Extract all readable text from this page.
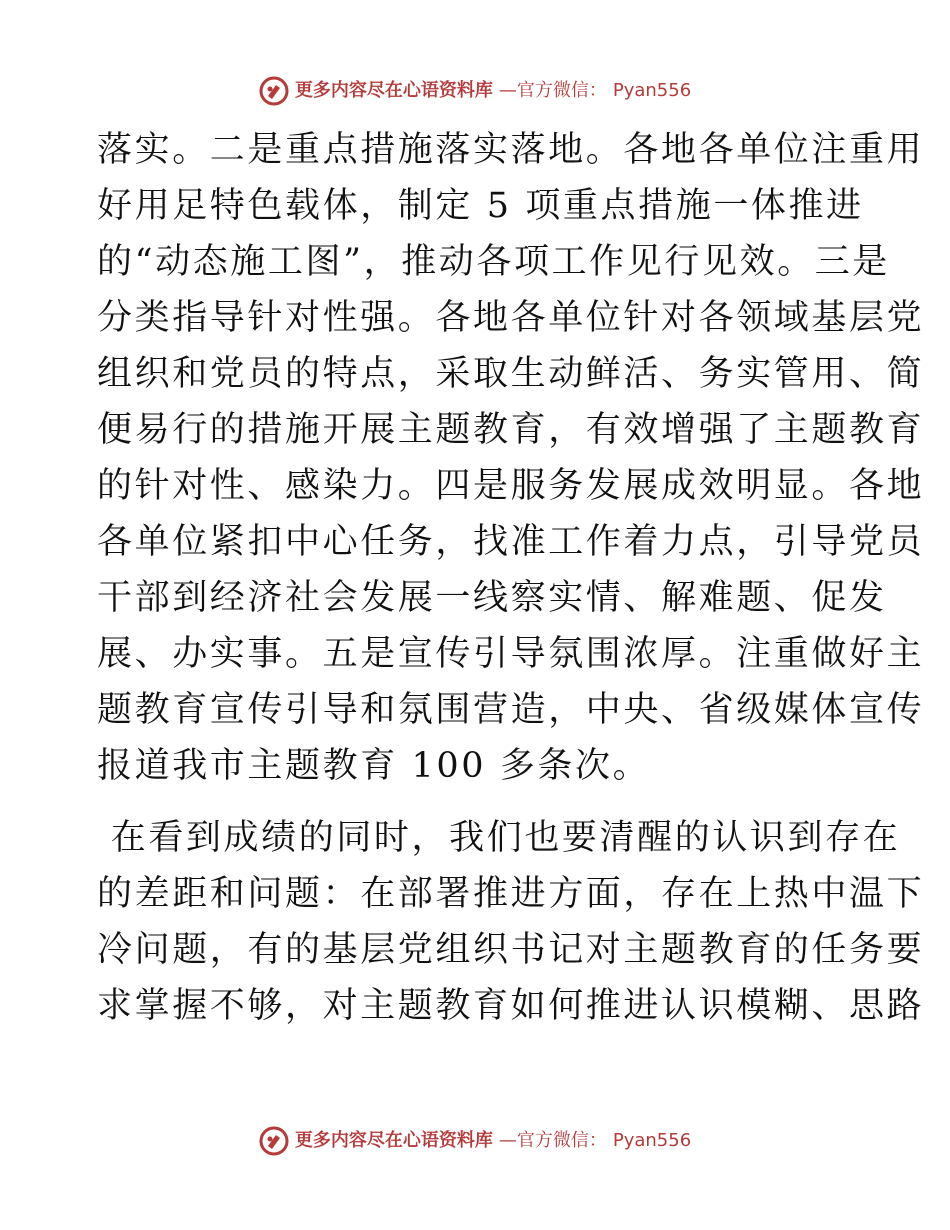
更多内容尽在心语资料库 —官方微信： Pyan556
落实。二是重点措施落实落地。各地各单位注重用
好用足特色载体，制定 5 项重点措施一体推进
的“动态施工图”，推动各项工作见行见效。三是
分类指导针对性强。各地各单位针对各领域基层党
组织和党员的特点，采取生动鲜活、务实管用、简
便易行的措施开展主题教育，有效增强了主题教育
的针对性、感染力。四是服务发展成效明显。各地
各单位紧扣中心任务，找准工作着力点，引导党员
干部到经济社会发展一线察实情、解难题、促发
展、办实事。五是宣传引导氛围浓厚。注重做好主
题教育宣传引导和氛围营造，中央、省级媒体宣传
报道我市主题教育 100 多条次。
在看到成绩的同时，我们也要清醒的认识到存在
的差距和问题：在部署推进方面，存在上热中温下
冷问题，有的基层党组织书记对主题教育的任务要
求掌握不够，对主题教育如何推进认识模糊、思路
更多内容尽在心语资料库 —官方微信： Pyan556
